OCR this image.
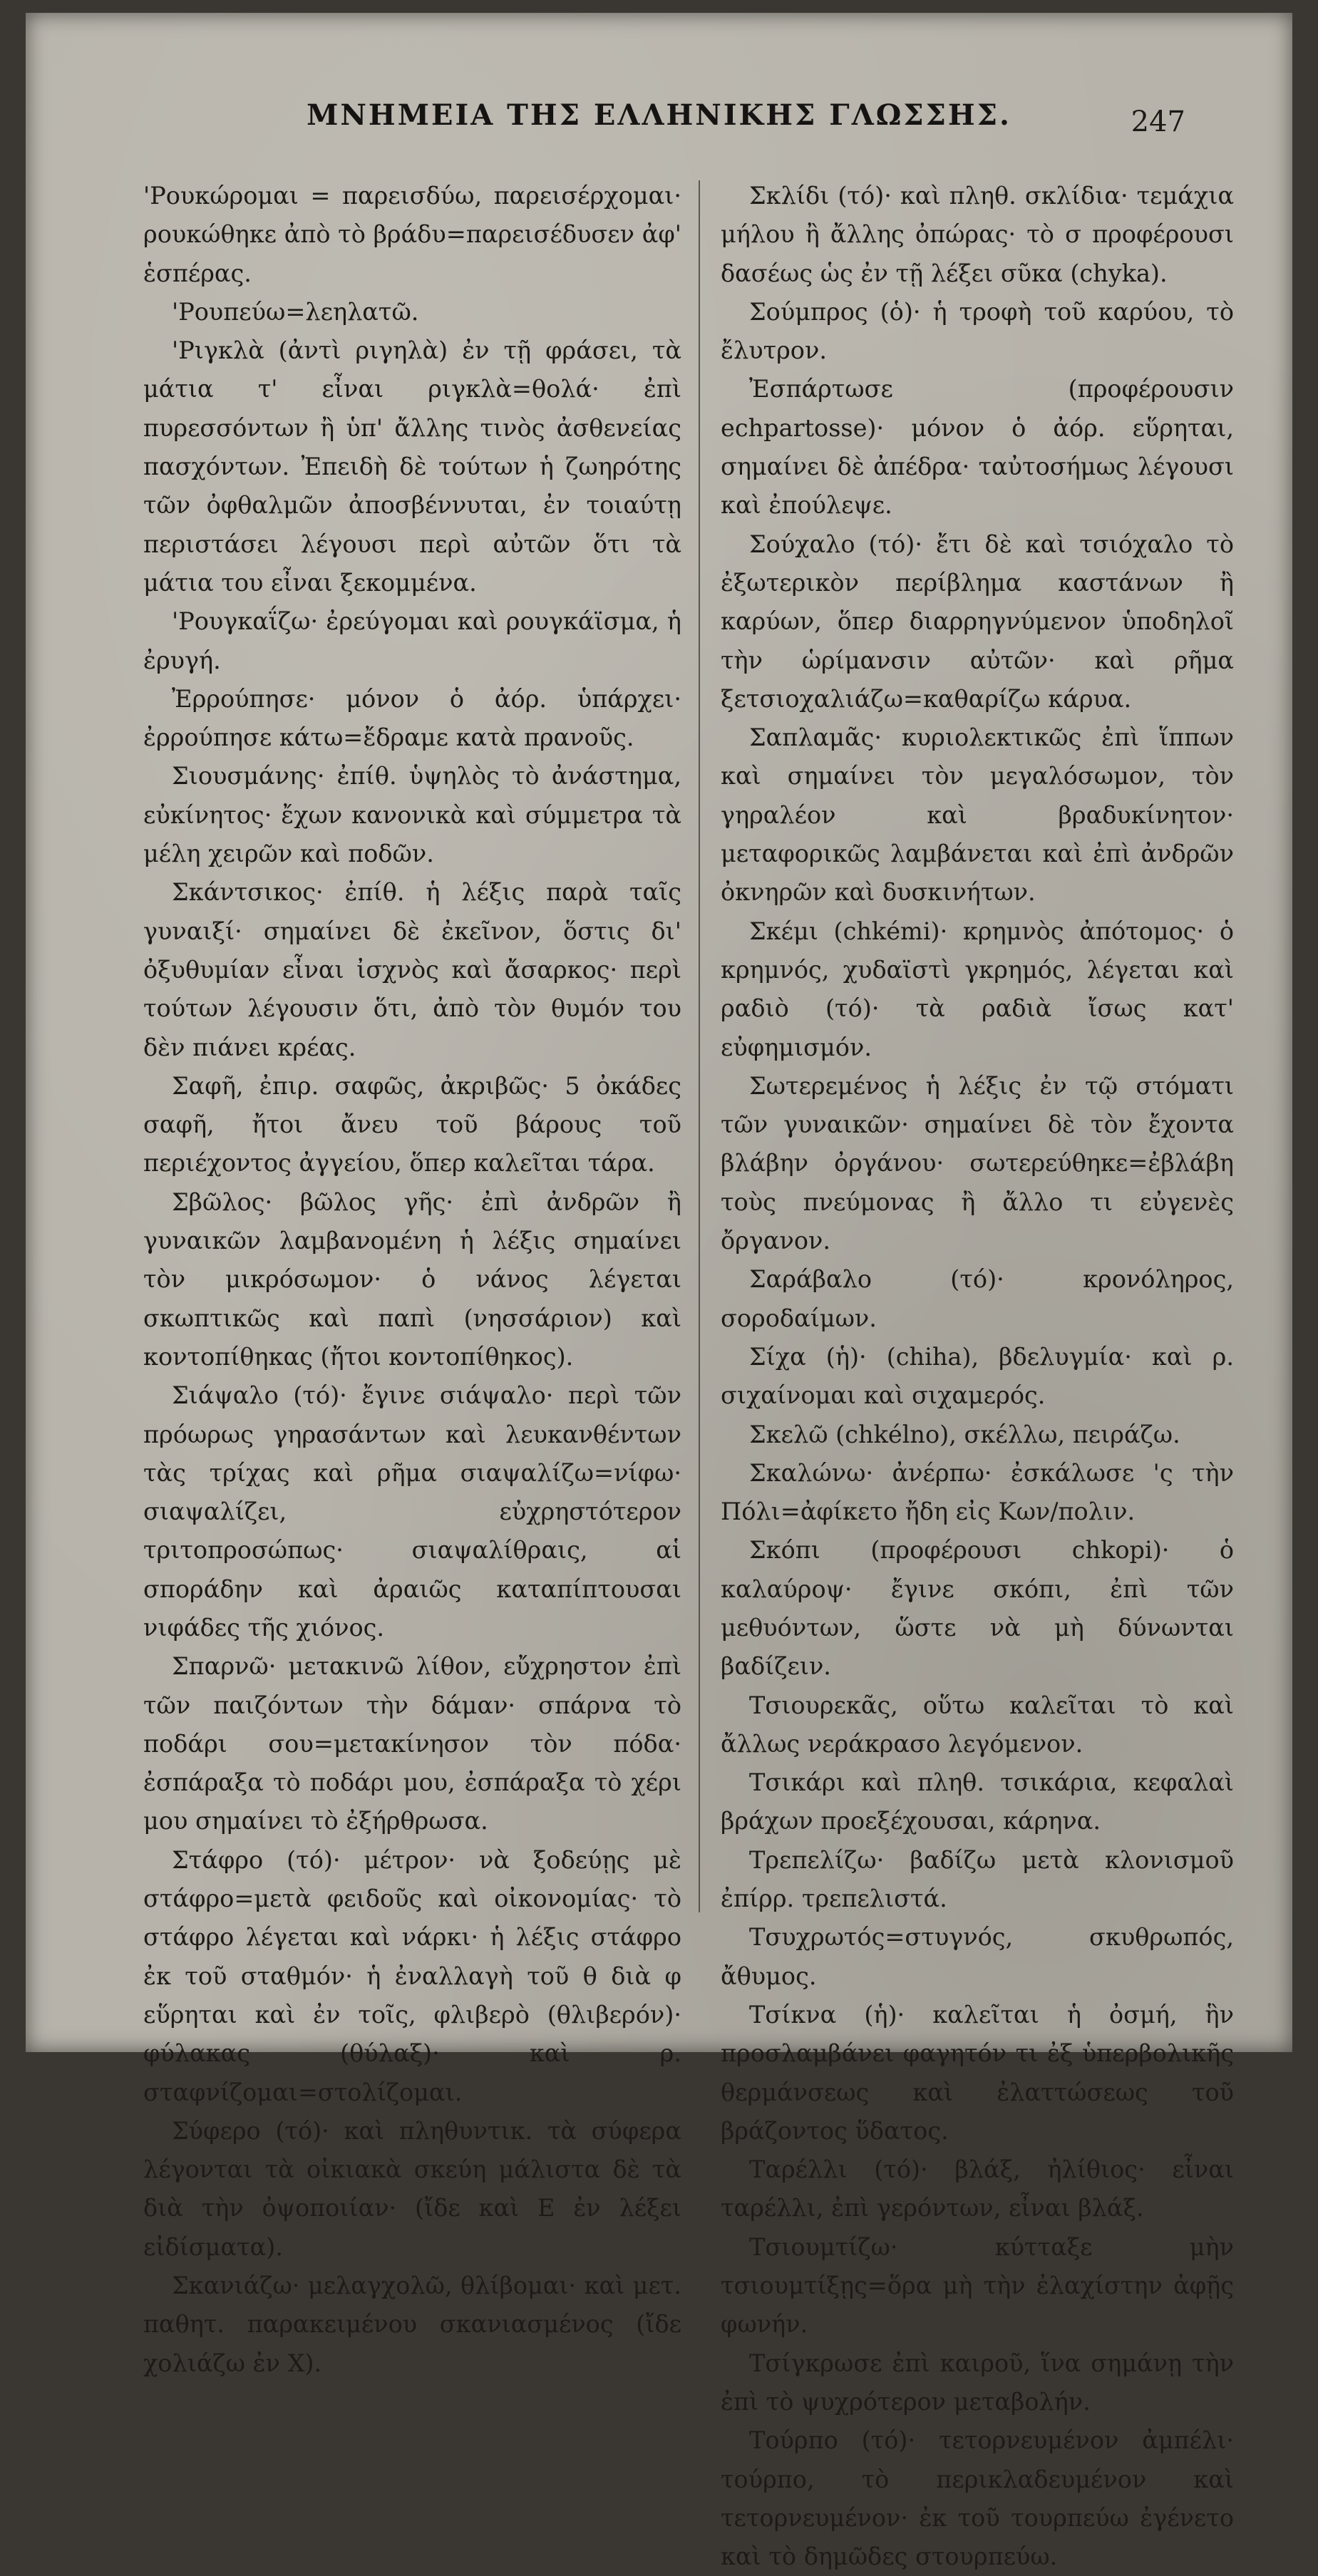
ΜΝΗΜΕΙΑ ΤΗΣ ΕΛΛΗΝΙΚΗΣ ΓΛΩΣΣΗΣ.	247

'Ρουκώρομαι = παρεισδύω, παρεισέρχομαι· ρουκώθηκε ἀπὸ τὸ βράδυ=παρεισέδυσεν ἀφ' ἑσπέρας.

'Ρουπεύω=λεηλατῶ.

'Ριγκλὰ (ἀντὶ ριγηλὰ) ἐν τῇ φράσει, τὰ μάτια τ' εἶναι ριγκλὰ=θολά· ἐπὶ πυρεσσόντων ἢ ὑπ' ἄλλης τινὸς ἀσθενείας πασχόντων. Ἐπειδὴ δὲ τούτων ἡ ζωηρότης τῶν ὀφθαλμῶν ἀποσβέννυται, ἐν τοιαύτῃ περιστάσει λέγουσι περὶ αὐτῶν ὅτι τὰ μάτια του εἶναι ξεκομμένα.

'Ρουγκαΐζω· ἐρεύγομαι καὶ ρουγκάϊσμα, ἡ ἐρυγή.

Ἐρρούπησε· μόνον ὁ ἀόρ. ὑπάρχει· ἐρρούπησε κάτω=ἔδραμε κατὰ πρανοῦς.

Σιουσμάνης· ἐπίθ. ὑψηλὸς τὸ ἀνάστημα, εὐκίνητος· ἔχων κανονικὰ καὶ σύμμετρα τὰ μέλη χειρῶν καὶ ποδῶν.

Σκάντσικος· ἐπίθ. ἡ λέξις παρὰ ταῖς γυναιξί· σημαίνει δὲ ἐκεῖνον, ὅστις δι' ὀξυθυμίαν εἶναι ἰσχνὸς καὶ ἄσαρκος· περὶ τούτων λέγουσιν ὅτι, ἀπὸ τὸν θυμόν του δὲν πιάνει κρέας.

Σαφῆ, ἐπιρ. σαφῶς, ἀκριβῶς· 5 ὀκάδες σαφῆ, ἤτοι ἄνευ τοῦ βάρους τοῦ περιέχοντος ἀγγείου, ὅπερ καλεῖται τάρα.

Σβῶλος· βῶλος γῆς· ἐπὶ ἀνδρῶν ἢ γυναικῶν λαμβανομένη ἡ λέξις σημαίνει τὸν μικρόσωμον· ὁ νάνος λέγεται σκωπτικῶς καὶ παπὶ (νησσάριον) καὶ κοντοπίθηκας (ἤτοι κοντοπίθηκος).

Σιάψαλο (τό)· ἔγινε σιάψαλο· περὶ τῶν πρόωρως γηρασάντων καὶ λευκανθέντων τὰς τρίχας καὶ ρῆμα σιαψαλίζω=νίφω· σιαψαλίζει, εὐχρηστότερον τριτοπροσώπως· σιαψαλίθραις, αἱ σποράδην καὶ ἀραιῶς καταπίπτουσαι νιφάδες τῆς χιόνος.

Σπαρνῶ· μετακινῶ λίθον, εὔχρηστον ἐπὶ τῶν παιζόντων τὴν δάμαν· σπάρνα τὸ ποδάρι σου=μετακίνησον τὸν πόδα· ἐσπάραξα τὸ ποδάρι μου, ἐσπάραξα τὸ χέρι μου σημαίνει τὸ ἐξήρθρωσα.

Στάφρο (τό)· μέτρον· νὰ ξοδεύῃς μὲ στάφρο=μετὰ φειδοῦς καὶ οἰκονομίας· τὸ στάφρο λέγεται καὶ νάρκι· ἡ λέξις στάφρο ἐκ τοῦ σταθμόν· ἡ ἐναλλαγὴ τοῦ θ διὰ φ εὕρηται καὶ ἐν τοῖς, φλιβερὸ (θλιβερόν)· φύλακας (θύλαξ)· καὶ ρ. σταφνίζομαι=στολίζομαι.

Σύφερο (τό)· καὶ πληθυντικ. τὰ σύφερα λέγονται τὰ οἰκιακὰ σκεύη μάλιστα δὲ τὰ διὰ τὴν ὀψοποιίαν· (ἴδε καὶ Ε ἐν λέξει εἰδίσματα).

Σκανιάζω· μελαγχολῶ, θλίβομαι· καὶ μετ. παθητ. παρακειμένου σκανιασμένος (ἴδε χολιάζω ἐν Χ).

Σκλίδι (τό)· καὶ πληθ. σκλίδια· τεμάχια μήλου ἢ ἄλλης ὀπώρας· τὸ σ προφέρουσι δασέως ὡς ἐν τῇ λέξει σῦκα (chyka).

Σούμπρος (ὁ)· ἡ τροφὴ τοῦ καρύου, τὸ ἔλυτρον.

Ἐσπάρτωσε (προφέρουσιν echpartosse)· μόνον ὁ ἀόρ. εὕρηται, σημαίνει δὲ ἀπέδρα· ταὐτοσήμως λέγουσι καὶ ἐπούλεψε.

Σούχαλο (τό)· ἔτι δὲ καὶ τσιόχαλο τὸ ἐξωτερικὸν περίβλημα καστάνων ἢ καρύων, ὅπερ διαρρηγνύμενον ὑποδηλοῖ τὴν ὡρίμανσιν αὐτῶν· καὶ ρῆμα ξετσιοχαλιάζω=καθαρίζω κάρυα.

Σαπλαμᾶς· κυριολεκτικῶς ἐπὶ ἵππων καὶ σημαίνει τὸν μεγαλόσωμον, τὸν γηραλέον καὶ βραδυκίνητον· μεταφορικῶς λαμβάνεται καὶ ἐπὶ ἀνδρῶν ὀκνηρῶν καὶ δυσκινήτων.

Σκέμι (chkémi)· κρημνὸς ἀπότομος· ὁ κρημνός, χυδαϊστὶ γκρημός, λέγεται καὶ ραδιὸ (τό)· τὰ ραδιὰ ἴσως κατ' εὐφημισμόν.

Σωτερεμένος ἡ λέξις ἐν τῷ στόματι τῶν γυναικῶν· σημαίνει δὲ τὸν ἔχοντα βλάβην ὀργάνου· σωτερεύθηκε=ἐβλάβη τοὺς πνεύμονας ἢ ἄλλο τι εὐγενὲς ὄργανον.

Σαράβαλο (τό)· κρονόληρος, σοροδαίμων.

Σίχα (ἡ)· (chiha), βδελυγμία· καὶ ρ. σιχαίνομαι καὶ σιχαμερός.

Σκελῶ (chkélno), σκέλλω, πειράζω.

Σκαλώνω· ἀνέρπω· ἐσκάλωσε 'ς τὴν Πόλι=ἀφίκετο ἤδη εἰς Κων/πολιν.

Σκόπι (προφέρουσι chkopi)· ὁ καλαύροψ· ἔγινε σκόπι, ἐπὶ τῶν μεθυόντων, ὥστε νὰ μὴ δύνωνται βαδίζειν.

Τσιουρεκᾶς, οὕτω καλεῖται τὸ καὶ ἄλλως νεράκρασο λεγόμενον.

Τσικάρι καὶ πληθ. τσικάρια, κεφαλαὶ βράχων προεξέχουσαι, κάρηνα.

Τρεπελίζω· βαδίζω μετὰ κλονισμοῦ ἐπίρρ. τρεπελιστά.

Τσυχρωτός=στυγνός, σκυθρωπός, ἄθυμος.

Τσίκνα (ἡ)· καλεῖται ἡ ὀσμή, ἣν προσλαμβάνει φαγητόν τι ἐξ ὑπερβολικῆς θερμάνσεως καὶ ἐλαττώσεως τοῦ βράζοντος ὕδατος.

Ταρέλλι (τό)· βλάξ, ἠλίθιος· εἶναι ταρέλλι, ἐπὶ γερόντων, εἶναι βλάξ.

Τσιουμτίζω· κύτταξε μὴν τσιουμτίξῃς=ὅρα μὴ τὴν ἐλαχίστην ἀφῇς φωνήν.

Τσίγκρωσε ἐπὶ καιροῦ, ἵνα σημάνῃ τὴν ἐπὶ τὸ ψυχρότερον μεταβολήν.

Τούρπο (τό)· τετορνευμένον ἀμπέλι· τούρπο, τὸ περικλαδευμένον καὶ τετορνευμένον· ἐκ τοῦ τουρπεύω ἐγένετο καὶ τὸ δημῶδες στουρπεύω.
